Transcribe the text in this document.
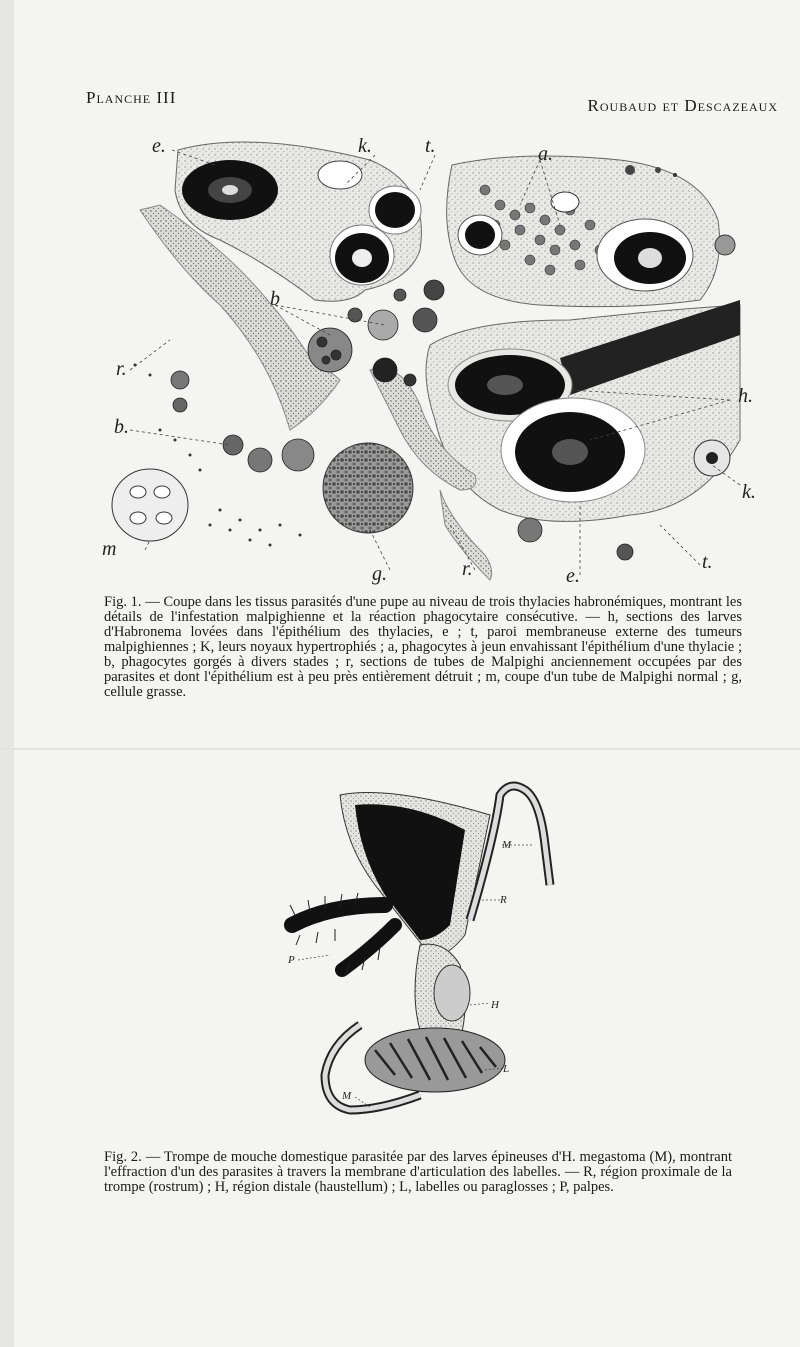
Planche III	Roubaud et Descazeaux
e.	k.	t.	a.
b
r.
b.
h.
k.
m
g.	r.	e.
t.

Fig. 1. — Coupe dans les tissus parasités d'une pupe au niveau de trois thylacies habronémiques, montrant les détails de l'infestation malpighienne et la réaction phagocytaire consécutive. — h, sections des larves d'Habronema lovées dans l'épithélium des thylacies, e ; t, paroi membraneuse externe des tumeurs malpighiennes ; K, leurs noyaux hypertrophiés ; a, phagocytes à jeun envahissant l'épithélium d'une thylacie ; b, phagocytes gorgés à divers stades ; r, sections de tubes de Malpighi anciennement occupées par des parasites et dont l'épithélium est à peu près entièrement détruit ; m, coupe d'un tube de Malpighi normal ; g, cellule grasse.

M
R
P
H
L
M

Fig. 2. — Trompe de mouche domestique parasitée par des larves épineuses d'H. megastoma (M), montrant l'effraction d'un des parasites à travers la membrane d'articulation des labelles. — R, région proximale de la trompe (rostrum) ; H, région distale (haustellum) ; L, labelles ou paraglosses ; P, palpes.
